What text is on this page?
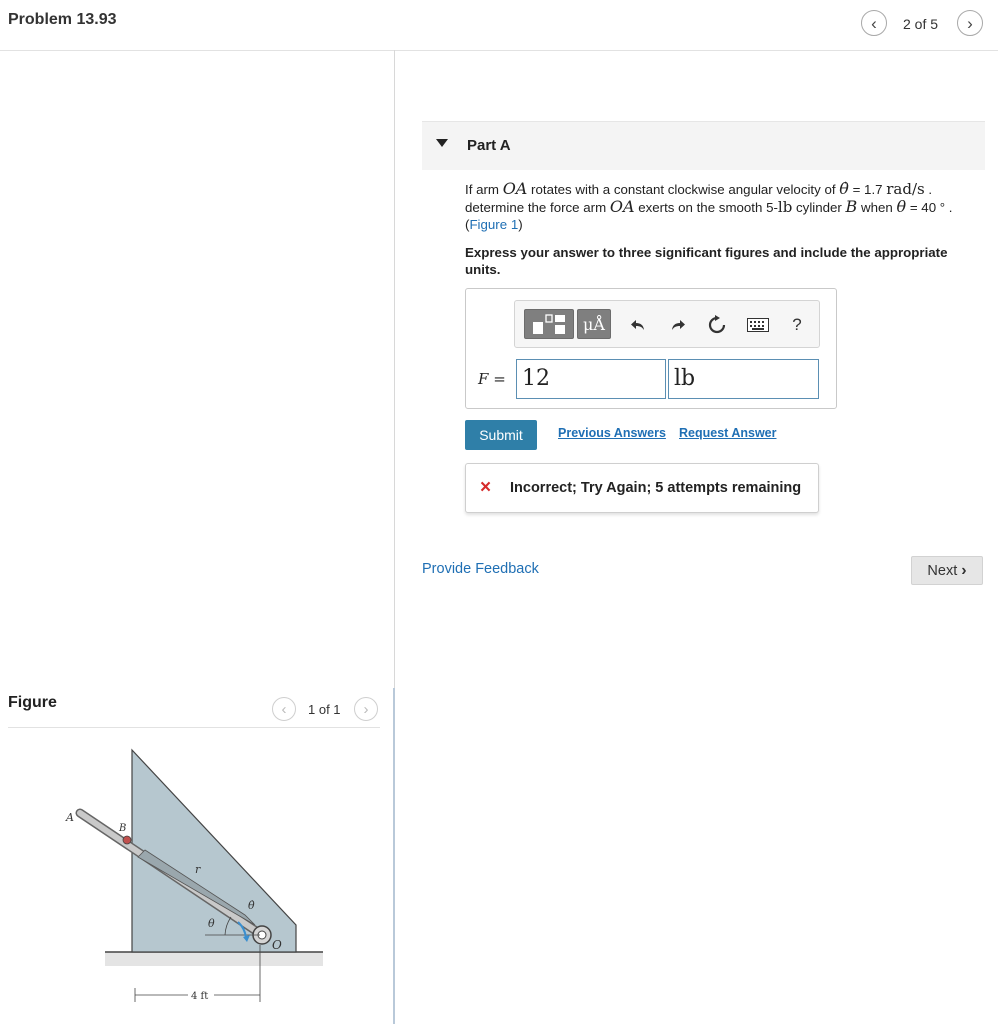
Problem 13.93	‹ 2 of 5 ›
Part A
If arm OA rotates with a constant clockwise angular velocity of θ̇ = 1.7 rad/s .
determine the force arm OA exerts on the smooth 5-lb cylinder B when θ = 40 ° .
(Figure 1)
Express your answer to three significant figures and include the appropriate units.
μÅ	?
F = 12	lb
Submit	Previous Answers Request Answer
× Incorrect; Try Again; 5 attempts remaining
Provide Feedback	Next ›
Figure	‹ 1 of 1 ›
A
B
r
θ
θ̇
O
4 ft
